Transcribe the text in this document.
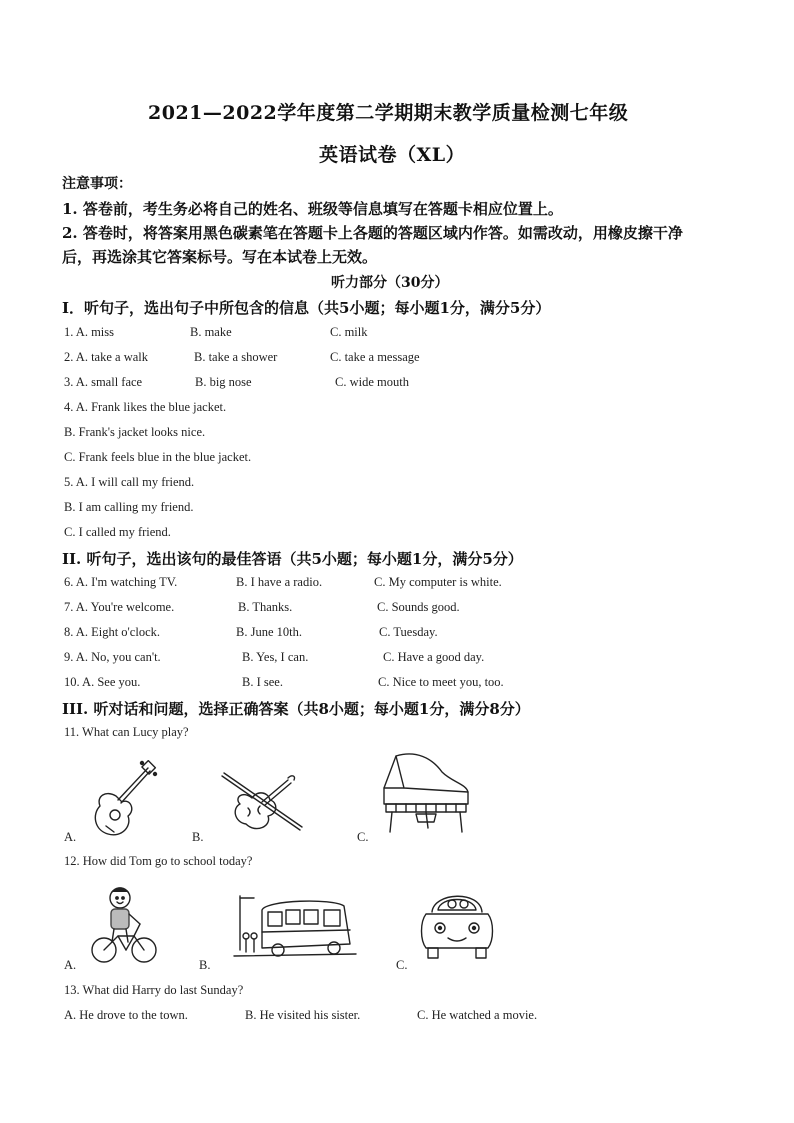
2021—2022学年度第二学期期末教学质量检测七年级
英语试卷（XL）
注意事项：
1. 答卷前，考生务必将自己的姓名、班级等信息填写在答题卡相应位置上。
2. 答卷时，将答案用黑色碳素笔在答题卡上各题的答题区域内作答。如需改动，用橡皮擦干净
后，再选涂其它答案标号。写在本试卷上无效。
听力部分（30分）
Ⅰ．听句子，选出句子中所包含的信息（共5小题；每小题1分，满分5分）
1. A. miss	B. make	C. milk
2. A. take a walk	B. take a shower	C. take a message
3. A. small face	B. big nose	C. wide mouth
4. A. Frank likes the blue jacket.
B. Frank's jacket looks nice.
C. Frank feels blue in the blue jacket.
5. A. I will call my friend.
B. I am calling my friend.
C. I called my friend.
II. 听句子，选出该句的最佳答语（共5小题；每小题1分，满分5分）
6. A. I'm watching TV.	B. I have a radio.	C. My computer is white.
7. A. You're welcome.	B. Thanks.	C. Sounds good.
8. A. Eight o'clock.	B. June 10th.	C. Tuesday.
9. A. No, you can't.	B. Yes, I can.	C. Have a good day.
10. A. See you.	B. I see.	C. Nice to meet you, too.
III. 听对话和问题，选择正确答案（共8小题；每小题1分，满分8分）
11. What can Lucy play?
A.	B.	C.
12. How did Tom go to school today?
A.	B.	C.
13. What did Harry do last Sunday?
A. He drove to the town.	B. He visited his sister.	C. He watched a movie.
